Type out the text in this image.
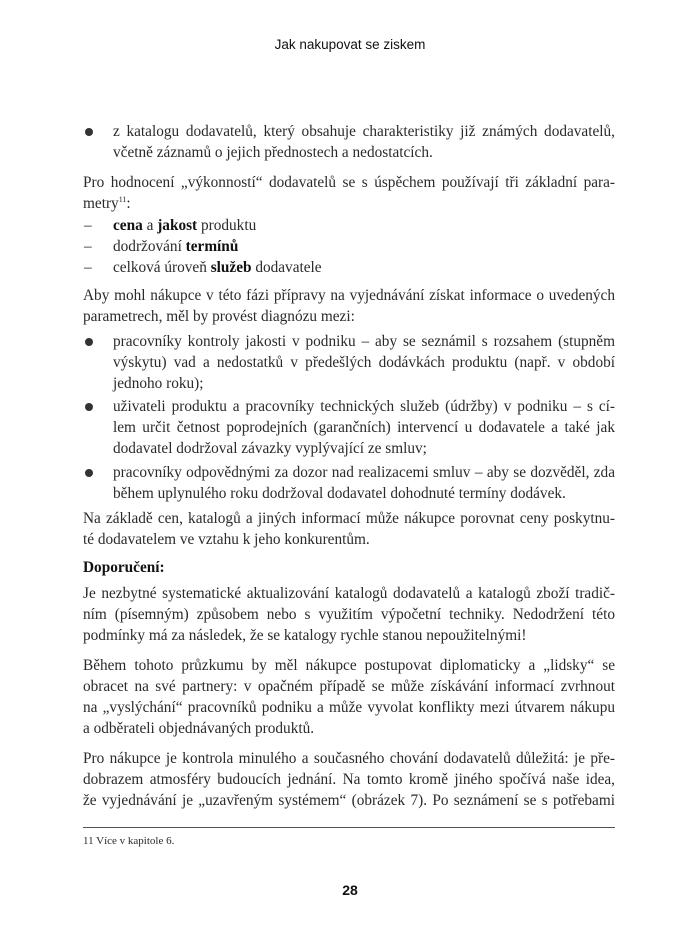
Jak nakupovat se ziskem
z katalogu dodavatelů, který obsahuje charakteristiky již známých dodavatelů,
včetně záznamů o jejich přednostech a nedostatcích.
Pro hodnocení „výkonností“ dodavatelů se s úspěchem používají tři základní para-
metry$^{11}$:
– cena a jakost produktu
– dodržování termínů
– celková úroveň služeb dodavatele
Aby mohl nákupce v této fázi přípravy na vyjednávání získat informace o uvedených
parametrech, měl by provést diagnózu mezi:
pracovníky kontroly jakosti v podniku – aby se seznámil s rozsahem (stupněm
výskytu) vad a nedostatků v předešlých dodávkách produktu (např. v období
jednoho roku);
uživateli produktu a pracovníky technických služeb (údržby) v podniku – s cí-
lem určit četnost poprodejních (garančních) intervencí u dodavatele a také jak
dodavatel dodržoval závazky vyplývající ze smluv;
pracovníky odpovědnými za dozor nad realizacemi smluv – aby se dozvěděl, zda
během uplynulého roku dodržoval dodavatel dohodnuté termíny dodávek.
Na základě cen, katalogů a jiných informací může nákupce porovnat ceny poskytnu-
té dodavatelem ve vztahu k jeho konkurentům.
Doporučení:
Je nezbytné systematické aktualizování katalogů dodavatelů a katalogů zboží tradič-
ním (písemným) způsobem nebo s využitím výpočetní techniky. Nedodržení této
podmínky má za následek, že se katalogy rychle stanou nepoužitelnými!
Během tohoto průzkumu by měl nákupce postupovat diplomaticky a „lidsky“ se
obracet na své partnery: v opačném případě se může získávání informací zvrhnout
na „vyslýchání“ pracovníků podniku a může vyvolat konflikty mezi útvarem nákupu
a odběrateli objednávaných produktů.
Pro nákupce je kontrola minulého a současného chování dodavatelů důležitá: je pře-
dobrazem atmosféry budoucích jednání. Na tomto kromě jiného spočívá naše idea,
že vyjednávání je „uzavřeným systémem“ (obrázek 7). Po seznámení se s potřebami
11 Více v kapitole 6.
28
